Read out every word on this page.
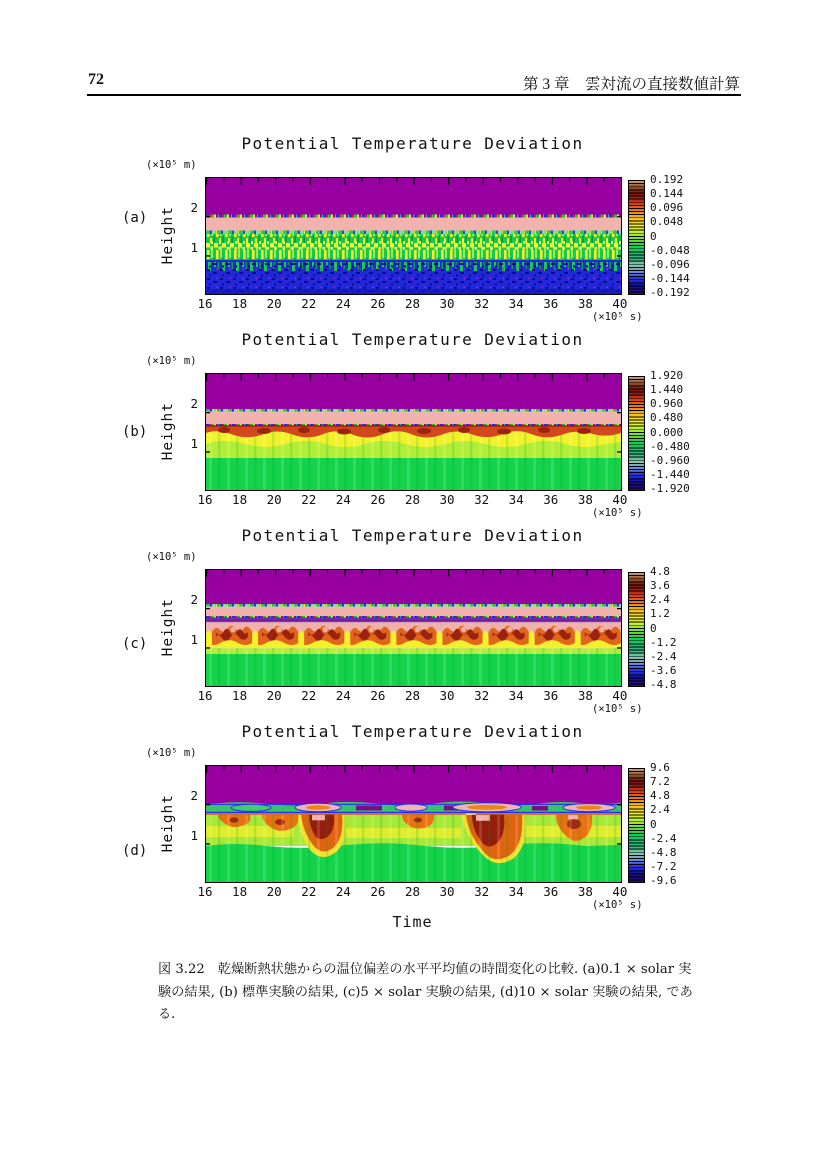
72	第 3 章　雲対流の直接数値計算
Potential Temperature Deviation
(×10⁵ m)
(a) Height	2
1
0.192
0.144
0.096
0.048
0
-0.048
-0.096
-0.144
-0.192
16	18	20	22	24	26	28	30	32	34	36	38	40
(×10⁵ s)
Potential Temperature Deviation
(×10⁵ m)
(b) Height	2
1
1.920
1.440
0.960
0.480
0.000
-0.480
-0.960
-1.440
-1.920
16	18	20	22	24	26	28	30	32	34	36	38	40
(×10⁵ s)
Potential Temperature Deviation
(×10⁵ m)
(c) Height	2
1
4.8
3.6
2.4
1.2
0
-1.2
-2.4
-3.6
-4.8
16	18	20	22	24	26	28	30	32	34	36	38	40
(×10⁵ s)
Potential Temperature Deviation
(×10⁵ m)
(d) Height	2
1
9.6
7.2
4.8
2.4
0
-2.4
-4.8
-7.2
-9.6
16	18	20	22	24	26	28	30	32	34	36	38	40
(×10⁵ s)
Time
図 3.22　乾燥断熱状態からの温位偏差の水平平均値の時間変化の比較. (a)0.1 × solar 実験の結果, (b) 標準実験の結果, (c)5 × solar 実験の結果, (d)10 × solar 実験の結果, である.
